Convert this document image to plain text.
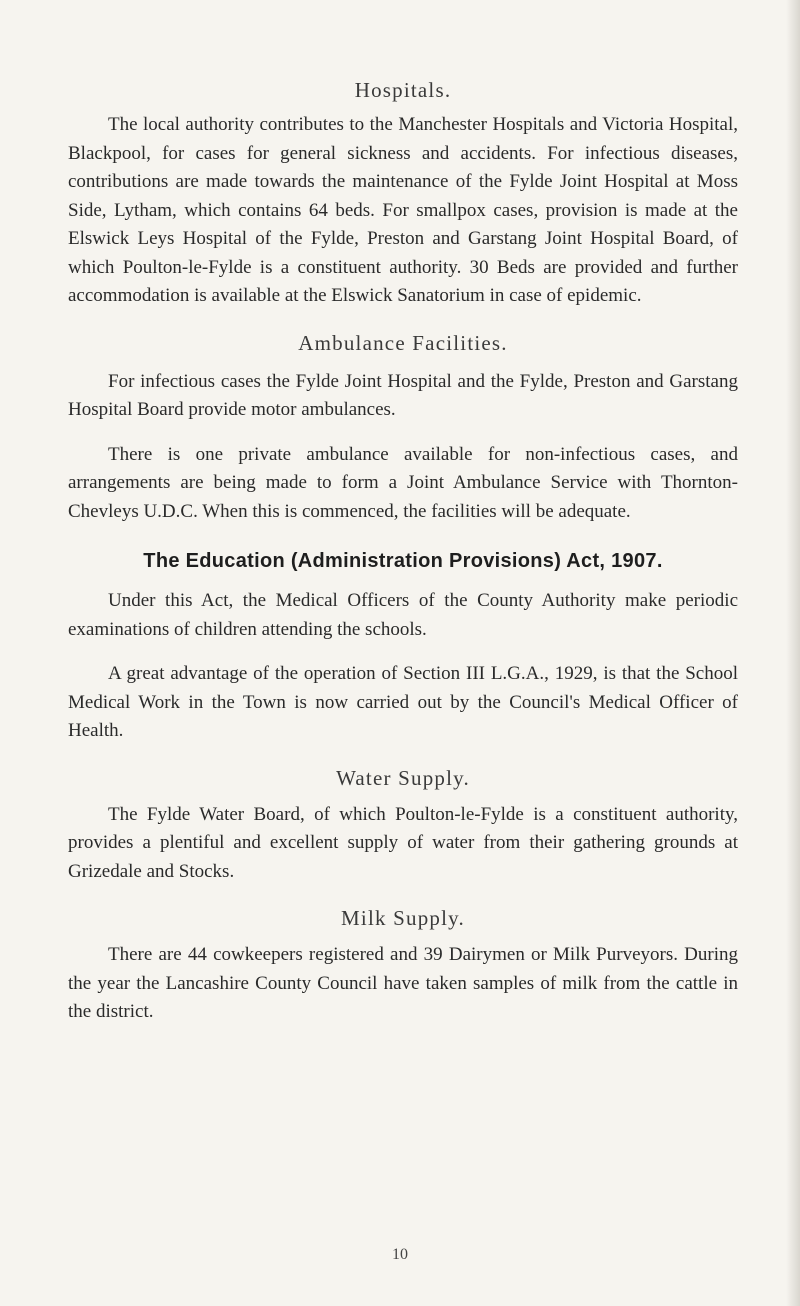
Hospitals.

The local authority contributes to the Manchester Hospitals and Victoria Hospital, Blackpool, for cases for general sickness and accidents. For infectious diseases, contributions are made towards the maintenance of the Fylde Joint Hospital at Moss Side, Lytham, which contains 64 beds. For smallpox cases, provision is made at the Elswick Leys Hospital of the Fylde, Preston and Garstang Joint Hospital Board, of which Poulton-le-Fylde is a constituent authority. 30 Beds are provided and further accommodation is available at the Elswick Sanatorium in case of epidemic.

Ambulance Facilities.

For infectious cases the Fylde Joint Hospital and the Fylde, Preston and Garstang Hospital Board provide motor ambulances.

There is one private ambulance available for non-infectious cases, and arrangements are being made to form a Joint Ambulance Service with Thornton-Chevleys U.D.C. When this is commenced, the facilities will be adequate.

The Education (Administration Provisions) Act, 1907.

Under this Act, the Medical Officers of the County Authority make periodic examinations of children attending the schools.

A great advantage of the operation of Section III L.G.A., 1929, is that the School Medical Work in the Town is now carried out by the Council's Medical Officer of Health.

Water Supply.

The Fylde Water Board, of which Poulton-le-Fylde is a constituent authority, provides a plentiful and excellent supply of water from their gathering grounds at Grizedale and Stocks.

Milk Supply.

There are 44 cowkeepers registered and 39 Dairymen or Milk Purveyors. During the year the Lancashire County Council have taken samples of milk from the cattle in the district.

10
